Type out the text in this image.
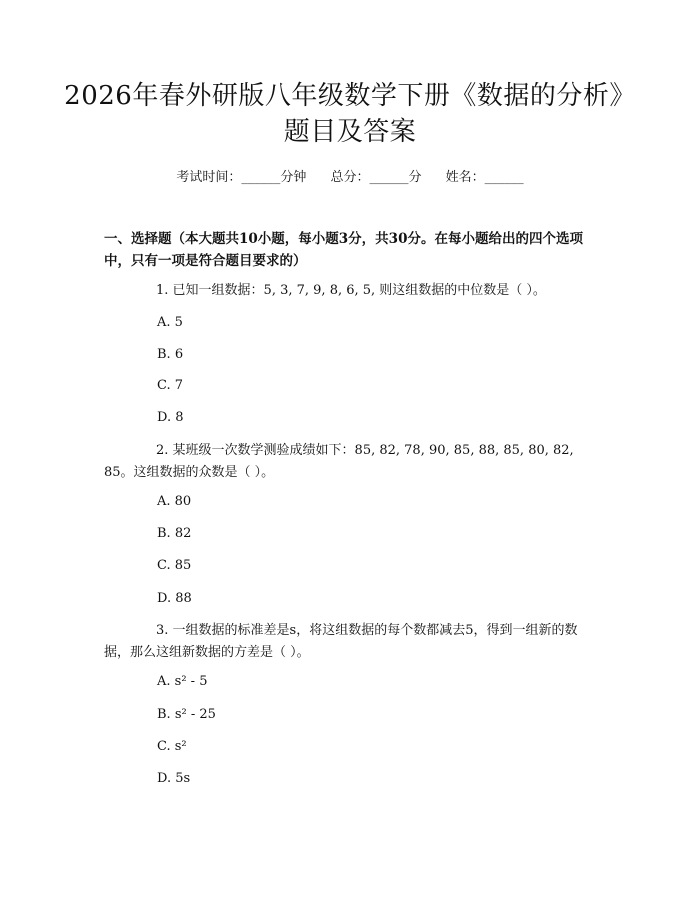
2026年春外研版八年级数学下册《数据的分析》题目及答案
考试时间：______分钟 总分：______分 姓名：______
一、选择题（本大题共10小题，每小题3分，共30分。在每小题给出的四个选项中，只有一项是符合题目要求的）
1. 已知一组数据：5, 3, 7, 9, 8, 6, 5, 则这组数据的中位数是（ ）。
A. 5
B. 6
C. 7
D. 8
2. 某班级一次数学测验成绩如下：85, 82, 78, 90, 85, 88, 85, 80, 82, 85。这组数据的众数是（ ）。
A. 80
B. 82
C. 85
D. 88
3. 一组数据的标准差是s，将这组数据的每个数都减去5，得到一组新的数据，那么这组新数据的方差是（ ）。
A. s² - 5
B. s² - 25
C. s²
D. 5s
